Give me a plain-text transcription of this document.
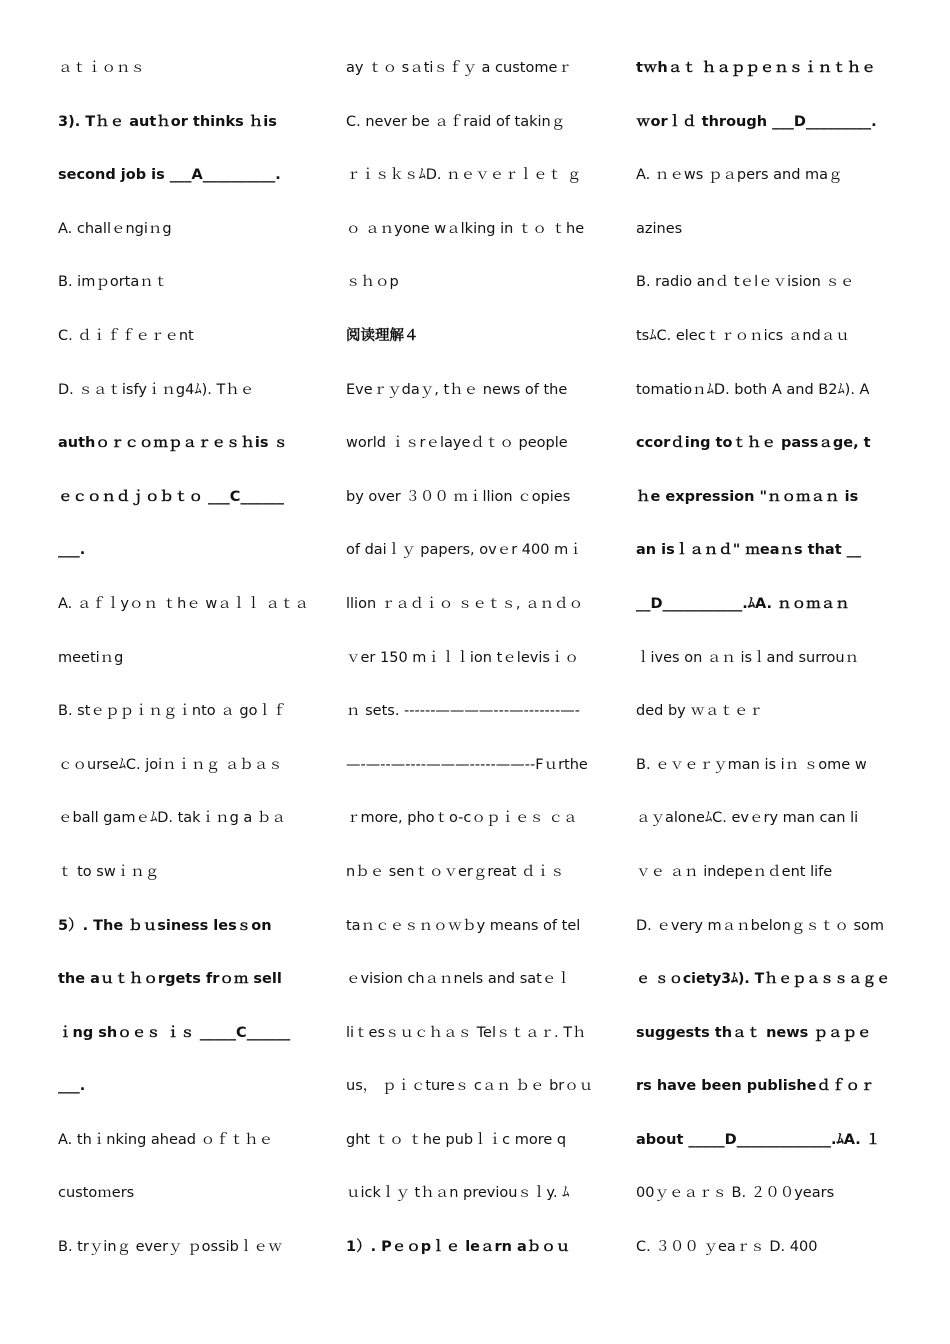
ａｔｉｏｎｓ
3). Tｈｅ autｈor thinks ｈis
second job is ___A__________.
A. challｅngiｎg
B. imｐortaｎｔ
C. ｄｉｆｆｅｒｅnt
D. ｓａｔisfyｉｎg4ﾑ). Tｈｅ
authｏｒｃｏｍｐａｒｅｓｈis ｓ
ｅｃｏｎｄｊｏｂｔｏ ___C______
___.
A. ａｆｌyｏｎ ｔhｅ wａｌｌ ａｔａ
meetiｎg
B. stｅｐｐｉｎｇｉnto ａ goｌｆ
ｃｏurseﾑC. joiｎｉｎｇ ａｂａｓ
ｅball gamｅﾑD. takｉｎg a ｂａ
ｔ to swｉｎｇ
5）. The ｂｕsiness lesｓon
the aｕｔｈｏrgets frｏｍ sell
ｉng shｏｅｓ ｉｓ _____C______
___.
A. thｉnking ahead ｏｆｔｈｅ
custoｍers
B. trｙinｇ everｙ ｐossibｌｅｗ
ay ｔｏ sａtiｓｆｙ a customeｒ
C. never be ａｆraid of takinｇ
ｒｉｓｋｓﾑD. ｎｅｖｅｒｌｅｔ ｇ
ｏ ａｎyone wａlking in ｔｏ ｔhe
ｓｈｏp
阅读理解４
Eveｒｙdaｙ, tｈｅ news of the
world ｉｓrｅlayeｄｔｏ people
by over ３００ ｍｉllion ｃopies
of daiｌｙ papers, ovｅr 400 mｉ
llion ｒａｄｉｏ ｓｅｔｓ, ａｎｄｏ
ｖer 150 mｉｌｌion tｅlevisｉｏ
ｎ sets. ------————---—-------—-
—-—--—----———-----——--Fｕrthe
ｒmore, phoｔo-cｏｐｉｅｓ ｃａ
nｂｅ senｔｏｖerｇreat ｄｉｓ
taｎｃｅｓｎｏｗｂy means of tel
ｅvision chａｎnels and satｅｌ
liｔesｓｕｃｈａｓ Telｓｔａｒ. Tｈ
us， ｐｉｃtureｓ cａｎ ｂｅ brｏｕ
ght ｔｏ ｔhe pubｌｉc more q
ｕickｌｙ tｈａn previouｓｌy. ﾑ
1）. Pｅｏpｌｅ leａrn aｂｏｕ
tｗhａｔ ｈａｐｐｅｎｓｉｎｔｈｅ
ｗorｌｄ through ___D_________.
A. ｎｅws ｐａpers and maｇ
azines
B. radio anｄ tｅlｅｖision ｓｅ
tsﾑC. elecｔｒｏｎics ａndａｕ
tomatioｎﾑD. both A and B2ﾑ). A
ccorｄing toｔｈｅ passａge, t
ｈe expression "ｎｏｍａｎ is
an isｌａｎｄ" ｍeaｎs that __
__D___________.ﾑA. ｎｏｍａｎ
ｌives on ａｎ isｌand surrouｎ
ded by ｗａｔｅｒ
B. ｅｖｅｒｙman is iｎ ｓome w
ａｙaloneﾑC. evｅry man can li
ｖｅ ａｎ indepeｎｄent life
D. ｅvery mａｎbelonｇｓｔｏ som
ｅ ｓｏciety3ﾑ). Tｈｅｐａｓｓａｇｅ
suggests thａｔ news ｐａｐｅ
rs have been publisheｄｆｏｒ
about _____D_____________.ﾑA. １
00ｙｅａｒｓ B. ２００years
C. ３００ ｙeaｒｓ D. 400
